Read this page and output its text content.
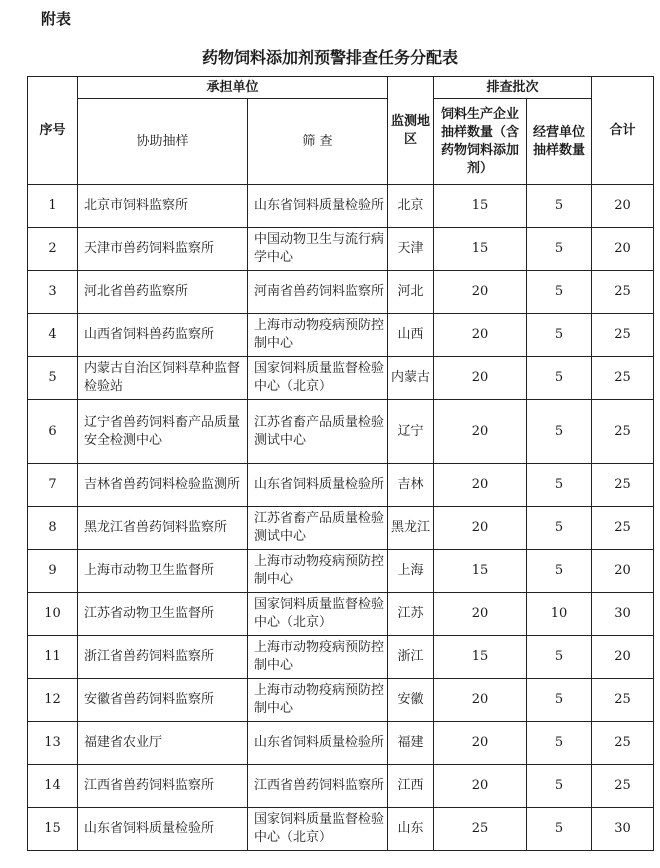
附表
药物饲料添加剂预警排查任务分配表
序号	承担单位		监测地区	排查批次		合计
	协助抽样	筛 查		饲料生产企业抽样数量（含药物饲料添加剂）	经营单位抽样数量	
1	北京市饲料监察所	山东省饲料质量检验所	北京	15	5	20
2	天津市兽药饲料监察所	中国动物卫生与流行病学中心	天津	15	5	20
3	河北省兽药监察所	河南省兽药饲料监察所	河北	20	5	25
4	山西省饲料兽药监察所	上海市动物疫病预防控制中心	山西	20	5	25
5	内蒙古自治区饲料草种监督检验站	国家饲料质量监督检验中心（北京）	内蒙古	20	5	25
6	辽宁省兽药饲料畜产品质量安全检测中心	江苏省畜产品质量检验测试中心	辽宁	20	5	25
7	吉林省兽药饲料检验监测所	山东省饲料质量检验所	吉林	20	5	25
8	黑龙江省兽药饲料监察所	江苏省畜产品质量检验测试中心	黑龙江	20	5	25
9	上海市动物卫生监督所	上海市动物疫病预防控制中心	上海	15	5	20
10	江苏省动物卫生监督所	国家饲料质量监督检验中心（北京）	江苏	20	10	30
11	浙江省兽药饲料监察所	上海市动物疫病预防控制中心	浙江	15	5	20
12	安徽省兽药饲料监察所	上海市动物疫病预防控制中心	安徽	20	5	25
13	福建省农业厅	山东省饲料质量检验所	福建	20	5	25
14	江西省兽药饲料监察所	江西省兽药饲料监察所	江西	20	5	25
15	山东省饲料质量检验所	国家饲料质量监督检验中心（北京）	山东	25	5	30
